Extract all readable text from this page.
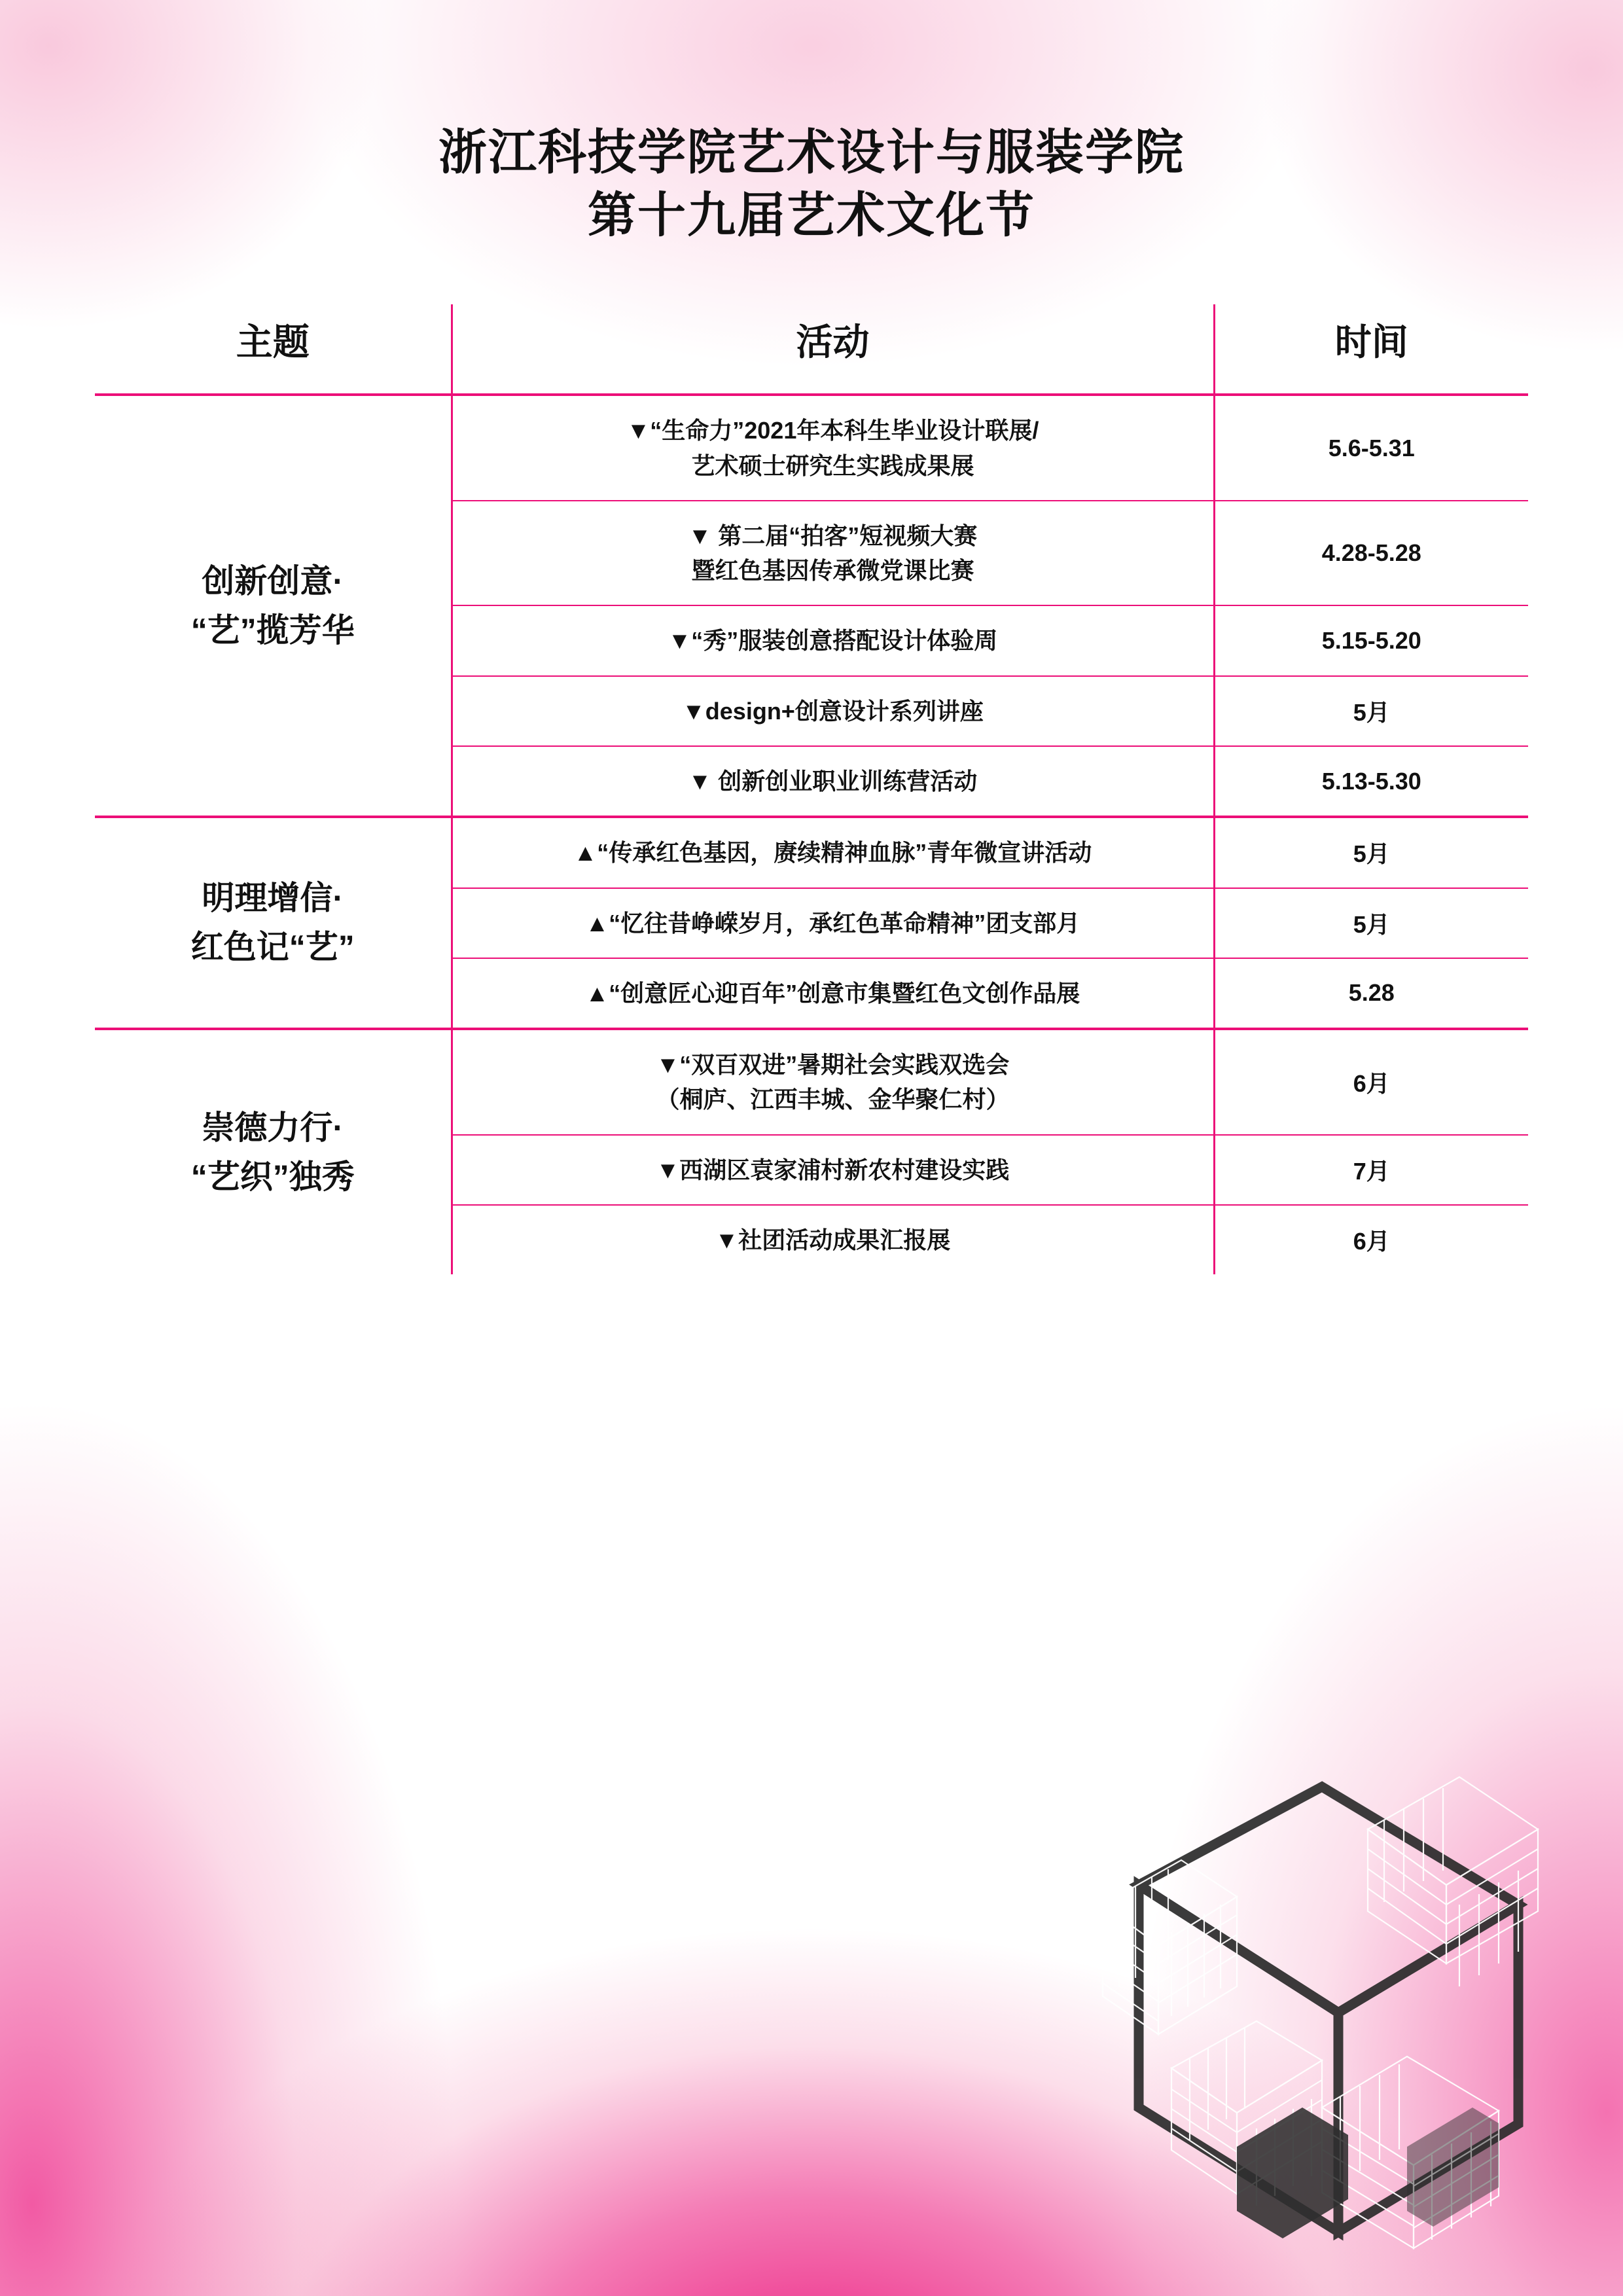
浙江科技学院艺术设计与服装学院
第十九届艺术文化节
主题	活动	时间

创新创意·
“艺”揽芳华

▼“生命力”2021年本科生毕业设计联展/
艺术硕士研究生实践成果展
	5.6-5.31

	▼ 第二届“拍客”短视频大赛
暨红色基因传承微党课比赛	4.28-5.28

	▼“秀”服装创意搭配设计体验周	5.15-5.20

	▼design+创意设计系列讲座	5月

	▼ 创新创业职业训练营活动	5.13-5.30

明理增信·
红色记“艺”	▲“传承红色基因，赓续精神血脉”青年微宣讲活动	5月

	▲“忆往昔峥嵘岁月，承红色革命精神”团支部月	5月

	▲“创意匠心迎百年”创意市集暨红色文创作品展	5.28

崇德力行·
“艺织”独秀

▼“双百双进”暑期社会实践双选会
（桐庐、江西丰城、金华聚仁村）
	6月

	▼西湖区袁家浦村新农村建设实践	7月

	▼社团活动成果汇报展	6月
